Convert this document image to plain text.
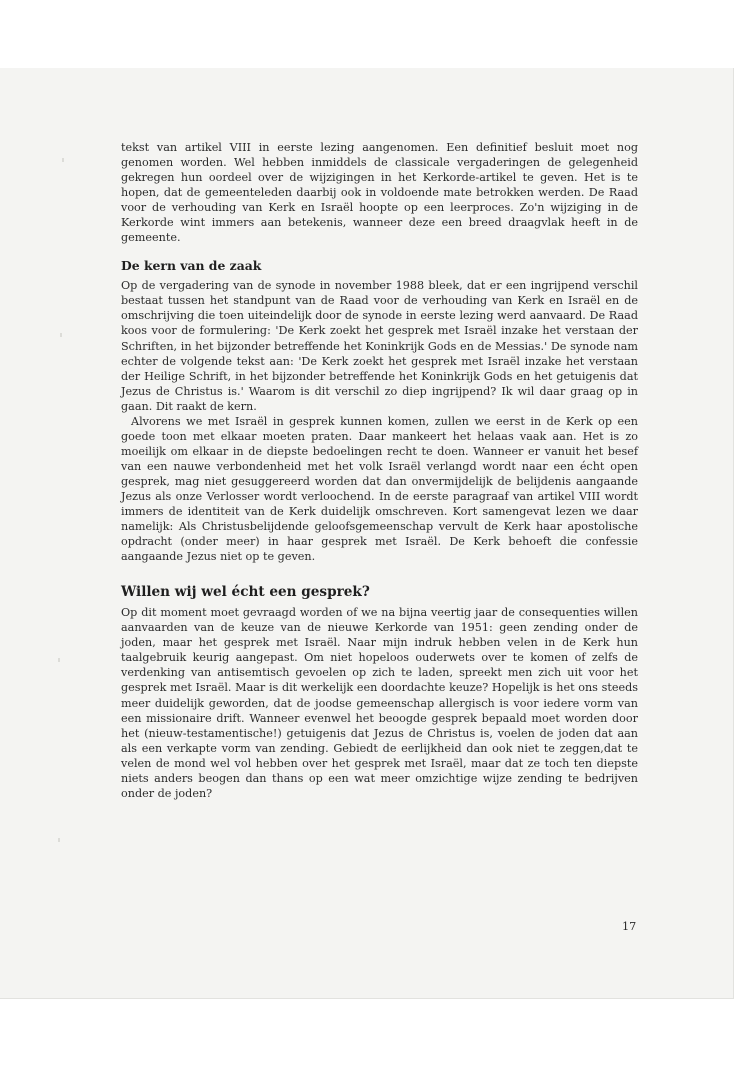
tekst van artikel VIII in eerste lezing aangenomen. Een definitief besluit moet nog genomen worden. Wel hebben inmiddels de classicale vergaderingen de gelegenheid gekregen hun oordeel over de wijzigingen in het Kerkorde-artikel te geven. Het is te hopen, dat de gemeenteleden daarbij ook in voldoende mate betrokken werden. De Raad voor de verhouding van Kerk en Israël hoopte op een leerproces. Zo'n wijziging in de Kerkorde wint immers aan betekenis, wanneer deze een breed draagvlak heeft in de gemeente.

De kern van de zaak

Op de vergadering van de synode in november 1988 bleek, dat er een ingrijpend verschil bestaat tussen het standpunt van de Raad voor de verhouding van Kerk en Israël en de omschrijving die toen uiteindelijk door de synode in eerste lezing werd aanvaard. De Raad koos voor de formulering: 'De Kerk zoekt het gesprek met Israël inzake het verstaan der Schriften, in het bijzonder betreffende het Koninkrijk Gods en de Messias.' De synode nam echter de volgende tekst aan: 'De Kerk zoekt het gesprek met Israël inzake het verstaan der Heilige Schrift, in het bijzonder betreffende het Koninkrijk Gods en het getuigenis dat Jezus de Christus is.' Waarom is dit verschil zo diep ingrijpend? Ik wil daar graag op in gaan. Dit raakt de kern.

Alvorens we met Israël in gesprek kunnen komen, zullen we eerst in de Kerk op een goede toon met elkaar moeten praten. Daar mankeert het helaas vaak aan. Het is zo moeilijk om elkaar in de diepste bedoelingen recht te doen. Wanneer er vanuit het besef van een nauwe verbondenheid met het volk Israël verlangd wordt naar een écht open gesprek, mag niet gesuggereerd worden dat dan onvermijdelijk de belijdenis aangaande Jezus als onze Verlosser wordt verloochend. In de eerste paragraaf van artikel VIII wordt immers de identiteit van de Kerk duidelijk omschreven. Kort samengevat lezen we daar namelijk: Als Christusbelijdende geloofsgemeenschap vervult de Kerk haar apostolische opdracht (onder meer) in haar gesprek met Israël. De Kerk behoeft die confessie aangaande Jezus niet op te geven.

Willen wij wel écht een gesprek?

Op dit moment moet gevraagd worden of we na bijna veertig jaar de consequenties willen aanvaarden van de keuze van de nieuwe Kerkorde van 1951: geen zending onder de joden, maar het gesprek met Israël. Naar mijn indruk hebben velen in de Kerk hun taalgebruik keurig aangepast. Om niet hopeloos ouderwets over te komen of zelfs de verdenking van antisemtisch gevoelen op zich te laden, spreekt men zich uit voor het gesprek met Israël. Maar is dit werkelijk een doordachte keuze? Hopelijk is het ons steeds meer duidelijk geworden, dat de joodse gemeenschap allergisch is voor iedere vorm van een missionaire drift. Wanneer evenwel het beoogde gesprek bepaald moet worden door het (nieuw-testamentische!) getuigenis dat Jezus de Christus is, voelen de joden dat aan als een verkapte vorm van zending. Gebiedt de eerlijkheid dan ook niet te zeggen,dat te velen de mond wel vol hebben over het gesprek met Israël, maar dat ze toch ten diepste niets anders beogen dan thans op een wat meer omzichtige wijze zending te bedrijven onder de joden?

17
